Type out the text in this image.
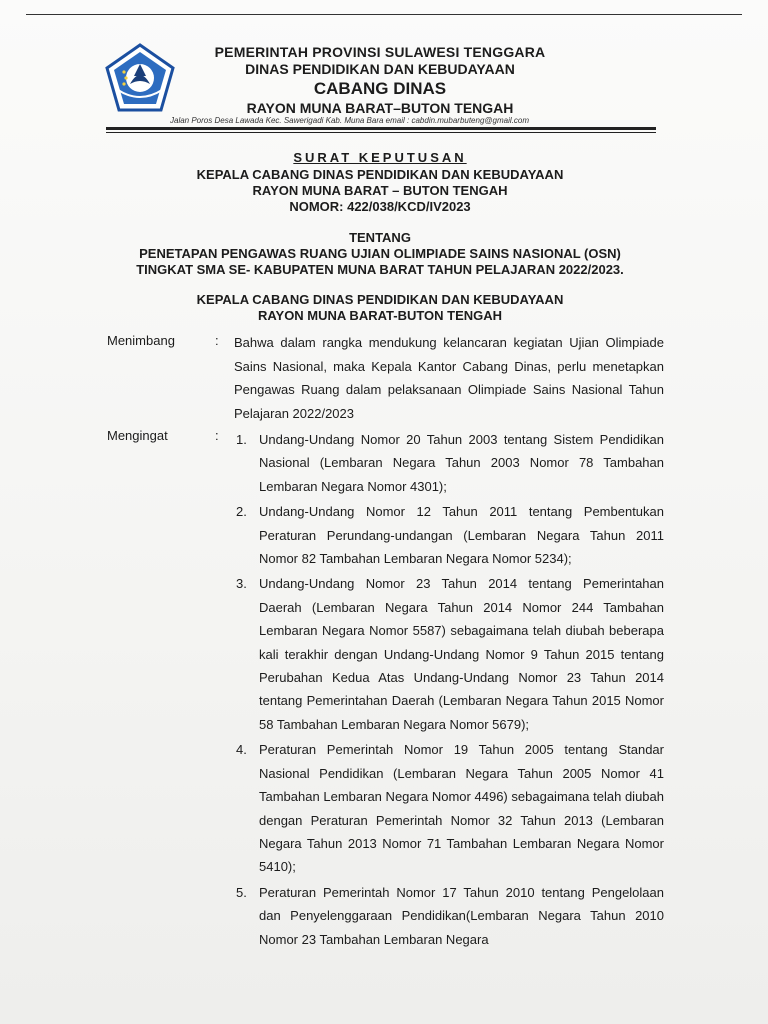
PEMERINTAH PROVINSI SULAWESI TENGGARA
DINAS PENDIDIKAN DAN KEBUDAYAAN
CABANG DINAS
RAYON MUNA BARAT–BUTON TENGAH
Jalan Poros Desa Lawada Kec. Sawerigadi Kab. Muna Bara email : cabdin.mubarbuteng@gmail.com
SURAT KEPUTUSAN
KEPALA CABANG DINAS PENDIDIKAN DAN KEBUDAYAAN
RAYON MUNA BARAT – BUTON TENGAH
NOMOR: 422/038/KCD/IV2023
TENTANG
PENETAPAN PENGAWAS RUANG UJIAN OLIMPIADE SAINS NASIONAL (OSN)
TINGKAT SMA SE- KABUPATEN MUNA BARAT TAHUN PELAJARAN 2022/2023.
KEPALA CABANG DINAS PENDIDIKAN DAN KEBUDAYAAN
RAYON MUNA BARAT-BUTON TENGAH
Menimbang	: Bahwa dalam rangka mendukung kelancaran kegiatan Ujian Olimpiade Sains Nasional, maka Kepala Kantor Cabang Dinas, perlu menetapkan Pengawas Ruang dalam pelaksanaan Olimpiade Sains Nasional Tahun Pelajaran 2022/2023
Mengingat	: 1. Undang-Undang Nomor 20 Tahun 2003 tentang Sistem Pendidikan Nasional (Lembaran Negara Tahun 2003 Nomor 78 Tambahan Lembaran Negara Nomor 4301);
2. Undang-Undang Nomor 12 Tahun 2011 tentang Pembentukan Peraturan Perundang-undangan (Lembaran Negara Tahun 2011 Nomor 82 Tambahan Lembaran Negara Nomor 5234);
3. Undang-Undang Nomor 23 Tahun 2014 tentang Pemerintahan Daerah (Lembaran Negara Tahun 2014 Nomor 244 Tambahan Lembaran Negara Nomor 5587) sebagaimana telah diubah beberapa kali terakhir dengan Undang-Undang Nomor 9 Tahun 2015 tentang Perubahan Kedua Atas Undang-Undang Nomor 23 Tahun 2014 tentang Pemerintahan Daerah (Lembaran Negara Tahun 2015 Nomor 58 Tambahan Lembaran Negara Nomor 5679);
4. Peraturan Pemerintah Nomor 19 Tahun 2005 tentang Standar Nasional Pendidikan (Lembaran Negara Tahun 2005 Nomor 41 Tambahan Lembaran Negara Nomor 4496) sebagaimana telah diubah dengan Peraturan Pemerintah Nomor 32 Tahun 2013 (Lembaran Negara Tahun 2013 Nomor 71 Tambahan Lembaran Negara Nomor 5410);
5. Peraturan Pemerintah Nomor 17 Tahun 2010 tentang Pengelolaan dan Penyelenggaraan Pendidikan(Lembaran Negara Tahun 2010 Nomor 23 Tambahan Lembaran Negara
